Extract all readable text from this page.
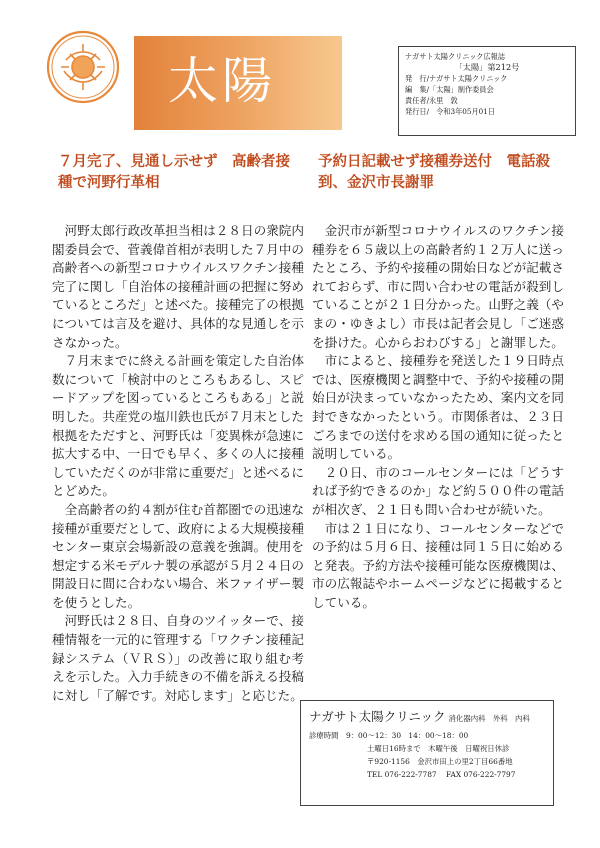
太陽	ナガサト太陽クリニック広報誌
「太陽」第212号
発　行/ナガサト太陽クリニック
編　集/「太陽」制作委員会
責任者/永里　敦
発行日/　令和3年05月01日
７月完了、見通し示せず　高齢者接種で河野行革相

河野太郎行政改革担当相は２８日の衆院内閣委員会で、菅義偉首相が表明した７月中の高齢者への新型コロナウイルスワクチン接種完了に関し「自治体の接種計画の把握に努めているところだ」と述べた。接種完了の根拠については言及を避け、具体的な見通しを示さなかった。

７月末までに終える計画を策定した自治体数について「検討中のところもあるし、スピードアップを図っているところもある」と説明した。共産党の塩川鉄也氏が７月末とした根拠をただすと、河野氏は「変異株が急速に拡大する中、一日でも早く、多くの人に接種していただくのが非常に重要だ」と述べるにとどめた。

全高齢者の約４割が住む首都圏での迅速な接種が重要だとして、政府による大規模接種センター東京会場新設の意義を強調。使用を想定する米モデルナ製の承認が５月２４日の開設日に間に合わない場合、米ファイザー製を使うとした。

河野氏は２８日、自身のツイッターで、接種情報を一元的に管理する「ワクチン接種記録システム（ＶＲＳ）」の改善に取り組む考えを示した。入力手続きの不備を訴える投稿に対し「了解です。対応します」と応じた。

予約日記載せず接種券送付　電話殺到、金沢市長謝罪

金沢市が新型コロナウイルスのワクチン接種券を６５歳以上の高齢者約１２万人に送ったところ、予約や接種の開始日などが記載されておらず、市に問い合わせの電話が殺到していることが２１日分かった。山野之義（やまの・ゆきよし）市長は記者会見し「ご迷惑を掛けた。心からおわびする」と謝罪した。

市によると、接種券を発送した１９日時点では、医療機関と調整中で、予約や接種の開始日が決まっていなかったため、案内文を同封できなかったという。市関係者は、２３日ごろまでの送付を求める国の通知に従ったと説明している。

２０日、市のコールセンターには「どうすれば予約できるのか」など約５００件の電話が相次ぎ、２１日も問い合わせが続いた。

市は２１日になり、コールセンターなどでの予約は５月６日、接種は同１５日に始めると発表。予約方法や接種可能な医療機関は、市の広報誌やホームページなどに掲載するとしている。

ナガサト太陽クリニック 消化器内科　外科　内科
診療時間　9：00～12：30　14：00～18：00
土曜日16時まで　木曜午後　日曜祝日休診
〒920-1156　金沢市田上の里2丁目66番地
TEL 076-222-7787 FAX 076-222-7797
